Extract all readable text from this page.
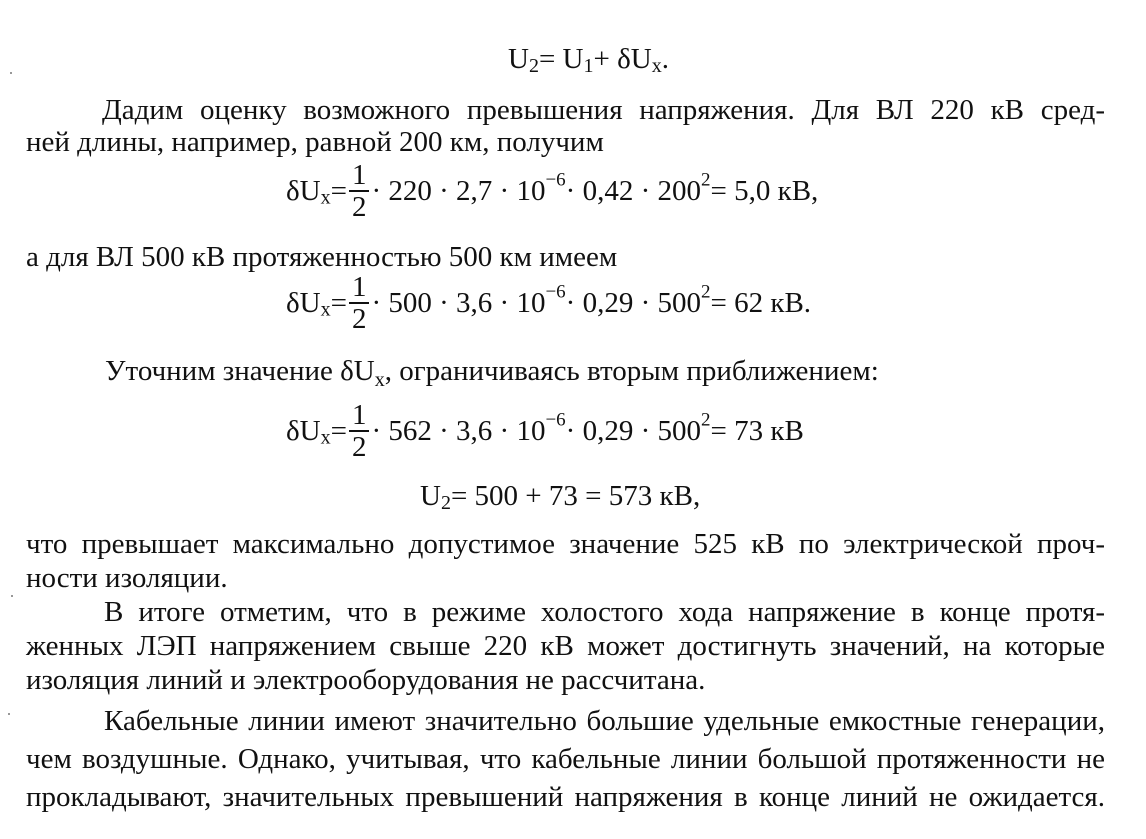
$U_2= U_1+ \delta U_x$.
Дадим оценку возможного превышения напряжения. Для ВЛ 220 кВ сред-
ней длины, например, равной 200 км, получим
$\delta U_x= \frac{1}{2} \cdot 220 \cdot 2,7 \cdot 10^{-6}\cdot 0,42 \cdot 200^2= 5,0$ кВ,
а для ВЛ 500 кВ протяженностью 500 км имеем
$\delta U_x= \frac{1}{2} \cdot 500 \cdot 3,6 \cdot 10^{-6}\cdot 0,29 \cdot 500^2= 62$ кВ.
Уточним значение $\delta U_x$, ограничиваясь вторым приближением:
$\delta U_x= \frac{1}{2} \cdot 562 \cdot 3,6 \cdot 10^{-6}\cdot 0,29 \cdot 500^2= 73$ кВ
$U_2= 500 + 73 = 573$ кВ,
что превышает максимально допустимое значение 525 кВ по электрической проч-
ности изоляции.
В итоге отметим, что в режиме холостого хода напряжение в конце протя-
женных ЛЭП напряжением свыше 220 кВ может достигнуть значений, на которые
изоляция линий и электрооборудования не рассчитана.
Кабельные линии имеют значительно большие удельные емкостные генерации,
чем воздушные. Однако, учитывая, что кабельные линии большой протяженности не
прокладывают, значительных превышений напряжения в конце линий не ожидается.
